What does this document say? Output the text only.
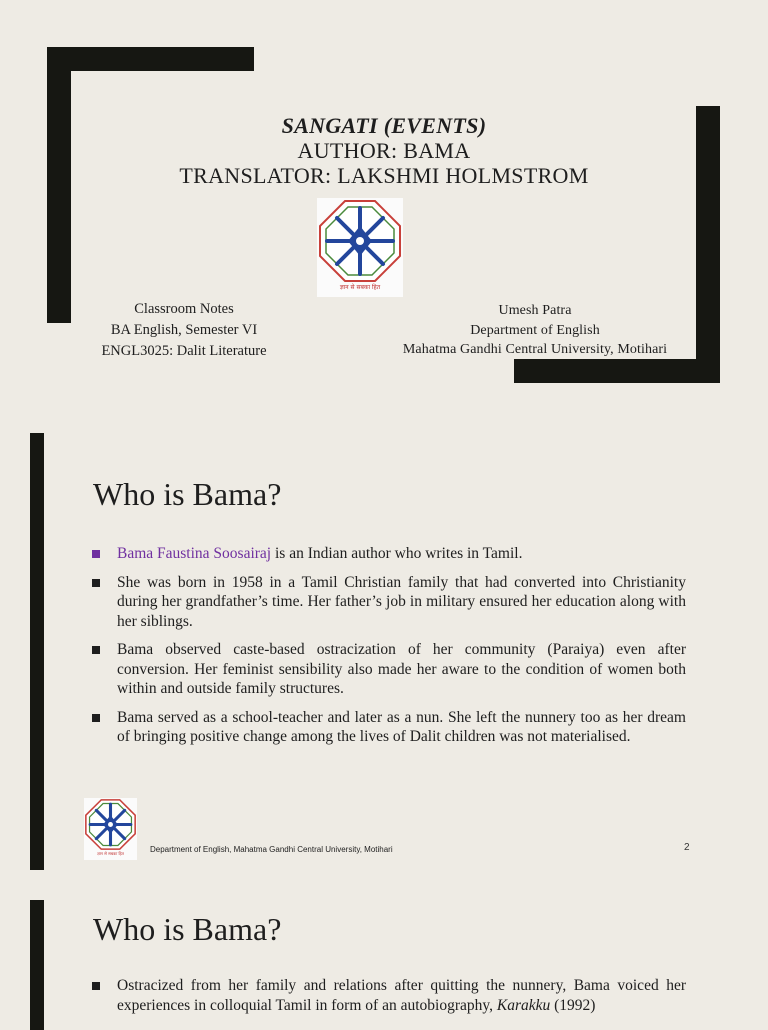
SANGATI (EVENTS)
AUTHOR: BAMA
TRANSLATOR: LAKSHMI HOLMSTROM
ज्ञान से सबका हित
Classroom Notes
BA English, Semester VI
ENGL3025: Dalit Literature
Umesh Patra
Department of English
Mahatma Gandhi Central University, Motihari
Who is Bama?
Bama Faustina Soosairaj is an Indian author who writes in Tamil.
She was born in 1958 in a Tamil Christian family that had converted into Christianity during her grandfather’s time. Her father’s job in military ensured her education along with her siblings.
Bama observed caste-based ostracization of her community (Paraiya) even after conversion. Her feminist sensibility also made her aware to the condition of women both within and outside family structures.
Bama served as a school-teacher and later as a nun. She left the nunnery too as her dream of bringing positive change among the lives of Dalit children was not materialised.
ज्ञान से सबका हित	Department of English, Mahatma Gandhi Central University, Motihari	2
Who is Bama?
Ostracized from her family and relations after quitting the nunnery, Bama voiced her experiences in colloquial Tamil in form of an autobiography, Karakku (1992)
